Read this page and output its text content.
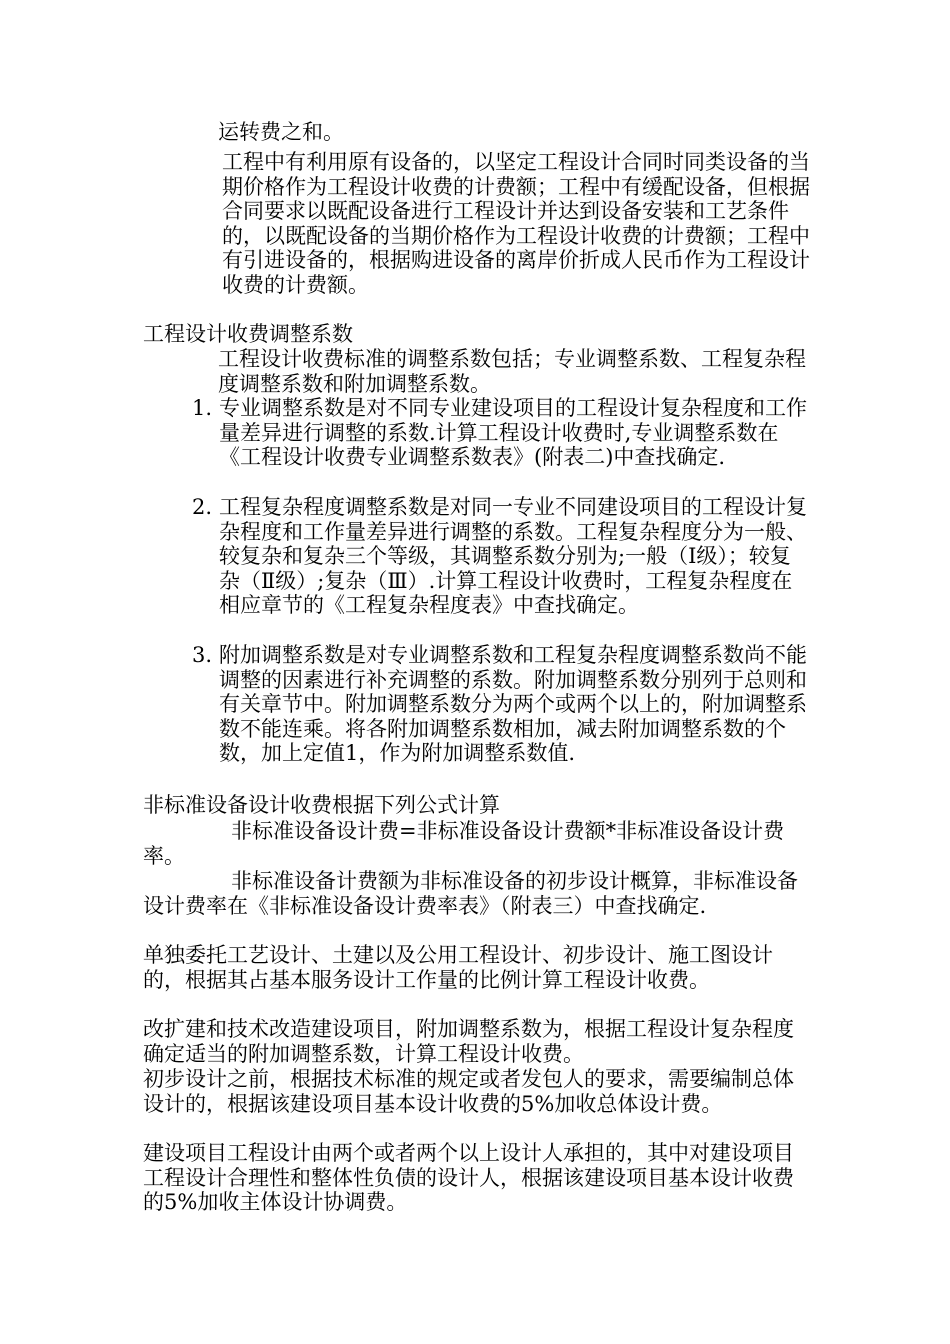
运转费之和。

工程中有利用原有设备的，以坚定工程设计合同时同类设备的当期价格作为工程设计收费的计费额；工程中有缓配设备，但根据合同要求以既配设备进行工程设计并达到设备安装和工艺条件的，以既配设备的当期价格作为工程设计收费的计费额；工程中有引进设备的，根据购进设备的离岸价折成人民币作为工程设计收费的计费额。

工程设计收费调整系数

工程设计收费标准的调整系数包括；专业调整系数、工程复杂程度调整系数和附加调整系数。

1. 专业调整系数是对不同专业建设项目的工程设计复杂程度和工作量差异进行调整的系数.计算工程设计收费时,专业调整系数在《工程设计收费专业调整系数表》(附表二)中查找确定.

2. 工程复杂程度调整系数是对同一专业不同建设项目的工程设计复杂程度和工作量差异进行调整的系数。工程复杂程度分为一般、较复杂和复杂三个等级，其调整系数分别为;一般（Ⅰ级）；较复杂（Ⅱ级）;复杂（Ⅲ）.计算工程设计收费时，工程复杂程度在相应章节的《工程复杂程度表》中查找确定。

3. 附加调整系数是对专业调整系数和工程复杂程度调整系数尚不能调整的因素进行补充调整的系数。附加调整系数分别列于总则和有关章节中。附加调整系数分为两个或两个以上的，附加调整系数不能连乘。将各附加调整系数相加，减去附加调整系数的个数，加上定值1，作为附加调整系数值.

非标准设备设计收费根据下列公式计算

非标准设备设计费=非标准设备设计费额*非标准设备设计费率。

非标准设备计费额为非标准设备的初步设计概算，非标准设备设计费率在《非标准设备设计费率表》（附表三）中查找确定.

单独委托工艺设计、土建以及公用工程设计、初步设计、施工图设计的，根据其占基本服务设计工作量的比例计算工程设计收费。

改扩建和技术改造建设项目，附加调整系数为，根据工程设计复杂程度确定适当的附加调整系数，计算工程设计收费。

初步设计之前，根据技术标准的规定或者发包人的要求，需要编制总体设计的，根据该建设项目基本设计收费的5%加收总体设计费。

建设项目工程设计由两个或者两个以上设计人承担的，其中对建设项目工程设计合理性和整体性负债的设计人，根据该建设项目基本设计收费的5%加收主体设计协调费。
